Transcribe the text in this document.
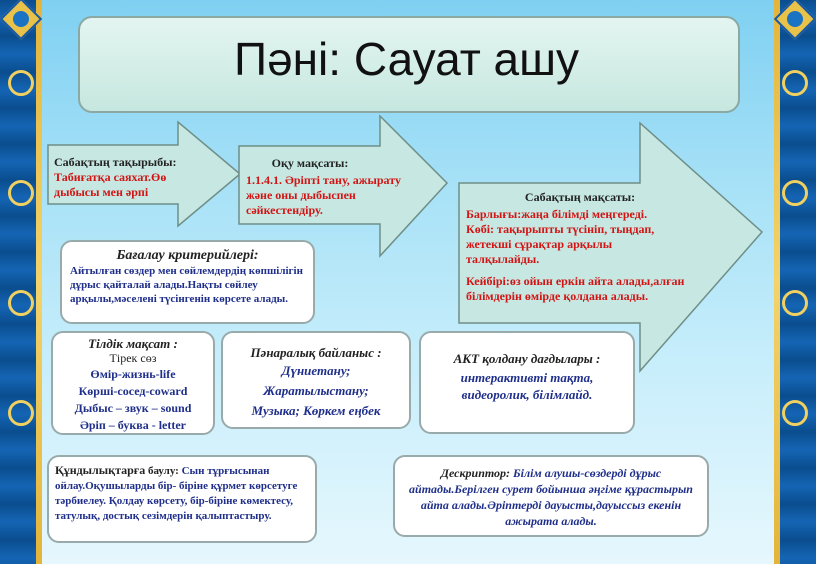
Пәні: Сауат ашу
Сабақтың тақырыбы:
Табиғатқа саяхат.Өө дыбысы мен әрпі
Оқу мақсаты:
1.1.4.1. Әріпті тану, ажырату және оны дыбыспен сәйкестендіру.
Сабақтың мақсаты:
Барлығы:жаңа білімді меңгереді.
Көбі: тақырыпты түсініп, тыңдап, жетекші сұрақтар арқылы талқылайды.
Кейбірі:өз ойын еркін айта алады,алған білімдерін өмірде қолдана алады.
Бағалау критерийлері:
Айтылған сөздер мен сөйлемдердің көпшілігін дұрыс қайталай алады.Нақты сөйлеу арқылы,мәселені түсінгенін көрсете алады.
Тілдік мақсат :
Тірек сөз
Өмір-жизнь-life
Көрші-сосед-coward
Дыбыс – звук – sound
Әріп – буква - letter
Пәнаралық байланыс :
Дүниетану;
Жаратылыстану;
Музыка; Көркем еңбек
АКТ қолдану дағдылары :
интерактивті тақта, видеоролик, білімлайд.
Құндылықтарға баулу: Сын тұрғысынан ойлау.Оқушыларды бір- біріне құрмет көрсетуге тәрбиелеу. Қолдау көрсету, бір-біріне көмектесу, татулық, достық сезімдерін қалыптастыру.
Дескриптор: Білім алушы-сөздерді дұрыс айтады.Берілген сурет бойынша әңгіме құрастырып айта алады.Әріптерді дауысты,дауыссыз екенін ажырата алады.
